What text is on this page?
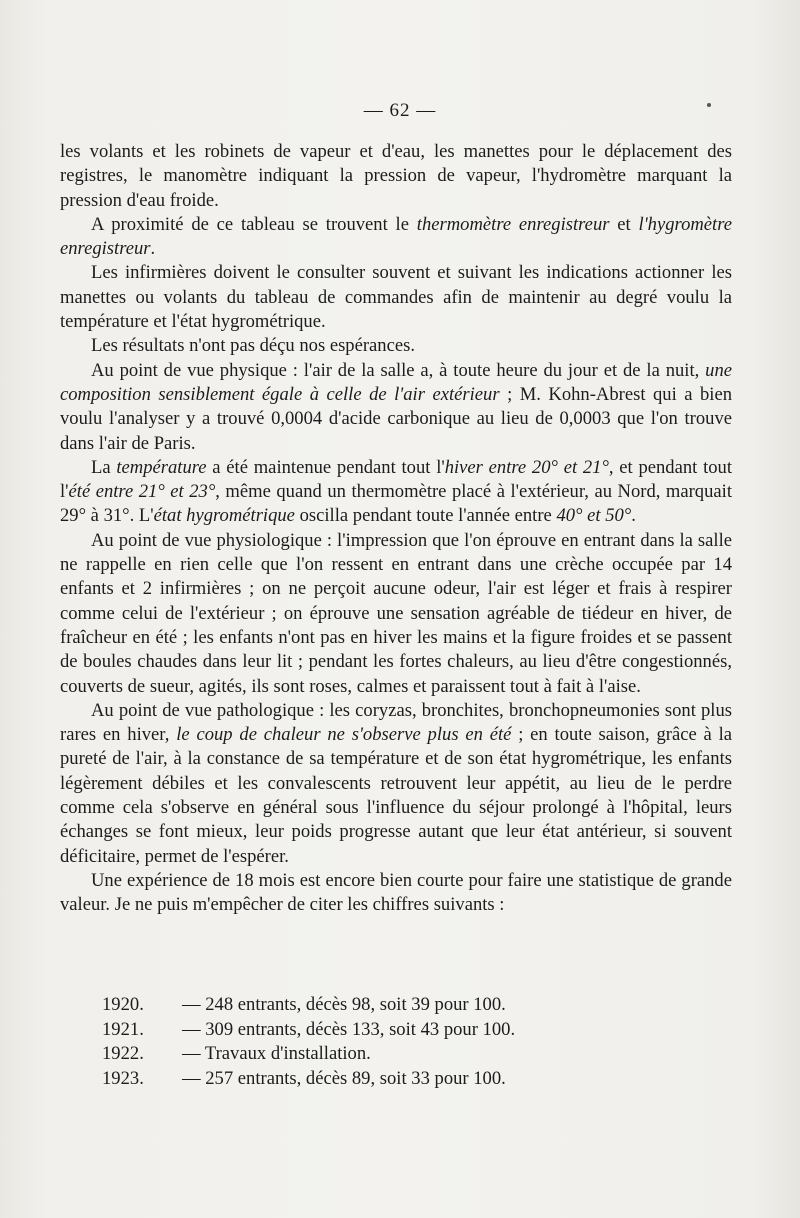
— 62 —

les volants et les robinets de vapeur et d'eau, les manettes pour le déplacement des registres, le manomètre indiquant la pression de vapeur, l'hydromètre marquant la pression d'eau froide.

A proximité de ce tableau se trouvent le thermomètre enregistreur et l'hygromètre enregistreur.

Les infirmières doivent le consulter souvent et suivant les indications actionner les manettes ou volants du tableau de commandes afin de maintenir au degré voulu la température et l'état hygrométrique.

Les résultats n'ont pas déçu nos espérances.

Au point de vue physique : l'air de la salle a, à toute heure du jour et de la nuit, une composition sensiblement égale à celle de l'air extérieur ; M. Kohn-Abrest qui a bien voulu l'analyser y a trouvé 0,0004 d'acide carbonique au lieu de 0,0003 que l'on trouve dans l'air de Paris.

La température a été maintenue pendant tout l'hiver entre 20° et 21°, et pendant tout l'été entre 21° et 23°, même quand un thermomètre placé à l'extérieur, au Nord, marquait 29° à 31°. L'état hygrométrique oscilla pendant toute l'année entre 40° et 50°.

Au point de vue physiologique : l'impression que l'on éprouve en entrant dans la salle ne rappelle en rien celle que l'on ressent en entrant dans une crèche occupée par 14 enfants et 2 infirmières ; on ne perçoit aucune odeur, l'air est léger et frais à respirer comme celui de l'extérieur ; on éprouve une sensation agréable de tiédeur en hiver, de fraîcheur en été ; les enfants n'ont pas en hiver les mains et la figure froides et se passent de boules chaudes dans leur lit ; pendant les fortes chaleurs, au lieu d'être congestionnés, couverts de sueur, agités, ils sont roses, calmes et paraissent tout à fait à l'aise.

Au point de vue pathologique : les coryzas, bronchites, bronchopneumonies sont plus rares en hiver, le coup de chaleur ne s'observe plus en été ; en toute saison, grâce à la pureté de l'air, à la constance de sa température et de son état hygrométrique, les enfants légèrement débiles et les convalescents retrouvent leur appétit, au lieu de le perdre comme cela s'observe en général sous l'influence du séjour prolongé à l'hôpital, leurs échanges se font mieux, leur poids progresse autant que leur état antérieur, si souvent déficitaire, permet de l'espérer.

Une expérience de 18 mois est encore bien courte pour faire une statistique de grande valeur. Je ne puis m'empêcher de citer les chiffres suivants :

1920. — 248 entrants, décès 98, soit 39 pour 100.
1921. — 309 entrants, décès 133, soit 43 pour 100.
1922. — Travaux d'installation.
1923. — 257 entrants, décès 89, soit 33 pour 100.
